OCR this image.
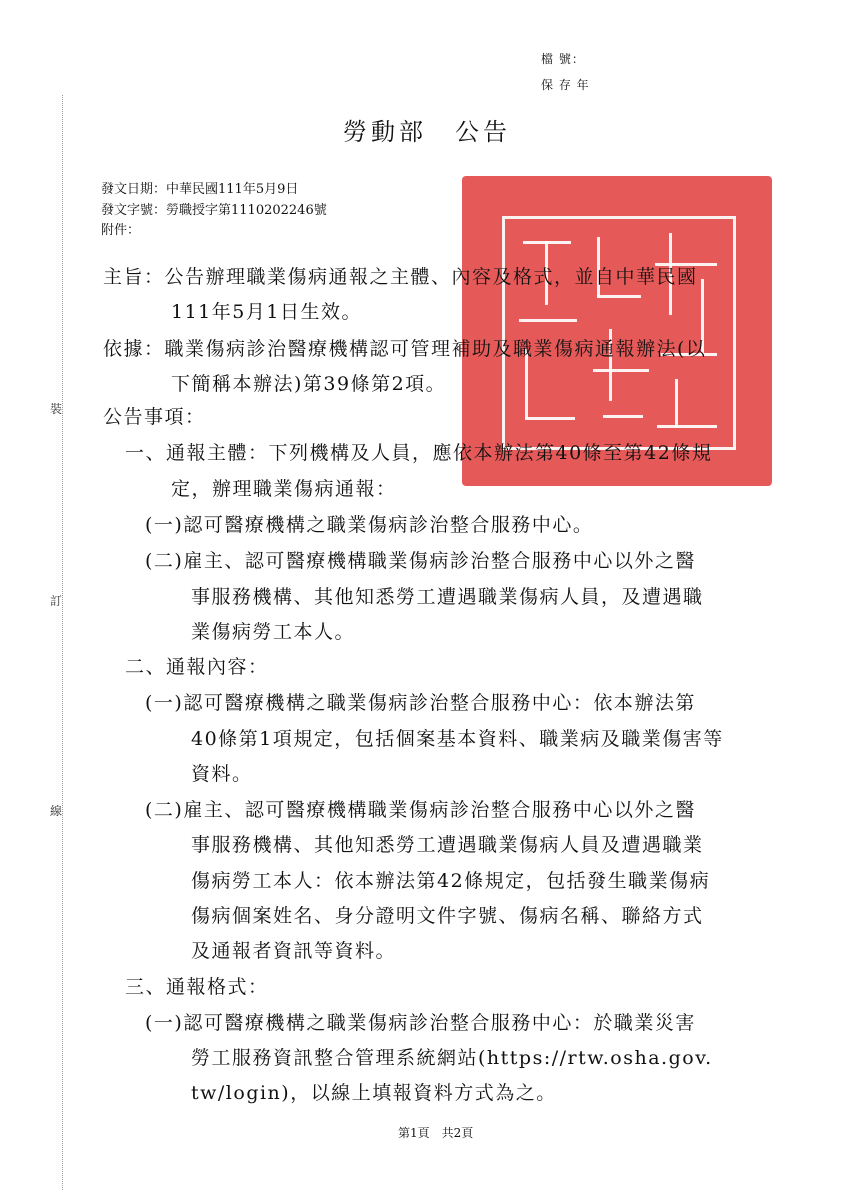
裝
訂
線
檔 號：
保 存 年
勞動部　公告
發文日期：中華民國111年5月9日
發文字號：勞職授字第1110202246號
附件：
主旨：公告辦理職業傷病通報之主體、內容及格式，並自中華民國
111年5月1日生效。
依據：職業傷病診治醫療機構認可管理補助及職業傷病通報辦法(以
下簡稱本辦法)第39條第2項。
公告事項：
一、通報主體：下列機構及人員，應依本辦法第40條至第42條規
定，辦理職業傷病通報：
(一)認可醫療機構之職業傷病診治整合服務中心。
(二)雇主、認可醫療機構職業傷病診治整合服務中心以外之醫
事服務機構、其他知悉勞工遭遇職業傷病人員，及遭遇職
業傷病勞工本人。
二、通報內容：
(一)認可醫療機構之職業傷病診治整合服務中心：依本辦法第
40條第1項規定，包括個案基本資料、職業病及職業傷害等
資料。
(二)雇主、認可醫療機構職業傷病診治整合服務中心以外之醫
事服務機構、其他知悉勞工遭遇職業傷病人員及遭遇職業
傷病勞工本人：依本辦法第42條規定，包括發生職業傷病
傷病個案姓名、身分證明文件字號、傷病名稱、聯絡方式
及通報者資訊等資料。
三、通報格式：
(一)認可醫療機構之職業傷病診治整合服務中心：於職業災害
勞工服務資訊整合管理系統網站(https://rtw.osha.gov.
tw/login)，以線上填報資料方式為之。
第1頁　共2頁
